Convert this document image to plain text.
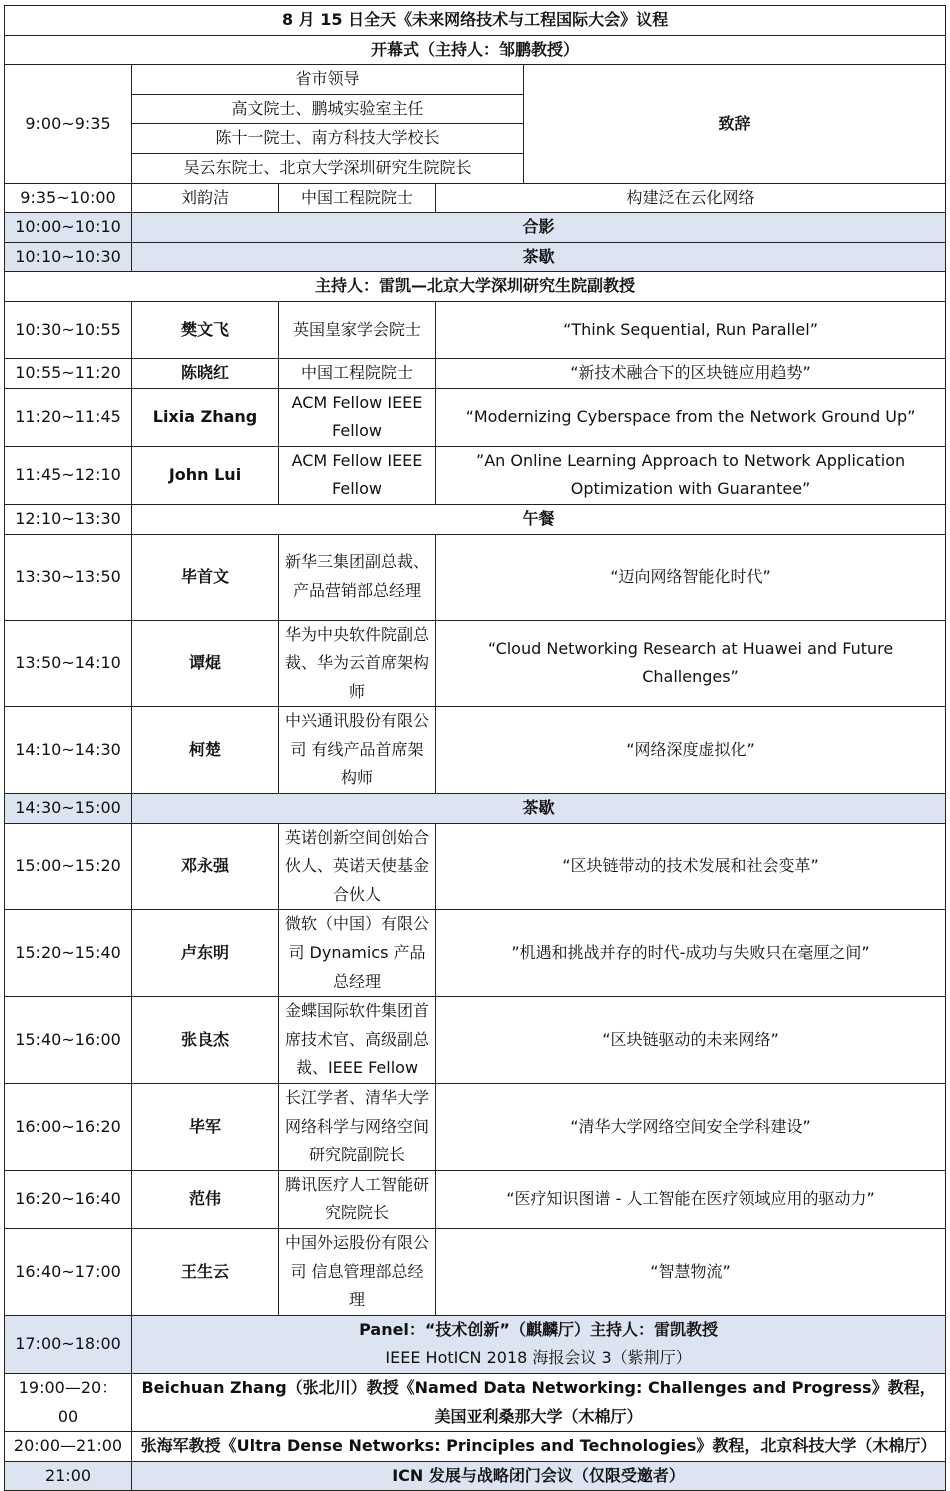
8 月 15 日全天《未来网络技术与工程国际大会》议程				
开幕式（主持人：邹鹏教授）				
9:00~9:35	省市领导			致辞
	高文院士、鹏城实验室主任			
	陈十一院士、南方科技大学校长			
	吴云东院士、北京大学深圳研究生院院长			
9:35~10:00	刘韵洁	中国工程院院士	构建泛在云化网络	
10:00~10:10	合影			
10:10~10:30	茶歇			
主持人：雷凯—北京大学深圳研究生院副教授				
10:30~10:55	樊文飞	英国皇家学会院士	“Think Sequential, Run Parallel”	
10:55~11:20	陈晓红	中国工程院院士	“新技术融合下的区块链应用趋势”	
11:20~11:45	Lixia Zhang	ACM Fellow IEEE Fellow	“Modernizing Cyberspace from the Network Ground Up”	
11:45~12:10	John Lui	ACM Fellow IEEE Fellow	”An Online Learning Approach to Network Application Optimization with Guarantee”	
12:10~13:30	午餐			
13:30~13:50	毕首文	新华三集团副总裁、产品营销部总经理	“迈向网络智能化时代”	
13:50~14:10	谭焜	华为中央软件院副总裁、华为云首席架构师	“Cloud Networking Research at Huawei and Future Challenges”	
14:10~14:30	柯楚	中兴通讯股份有限公司 有线产品首席架构师	“网络深度虚拟化”	
14:30~15:00	茶歇			
15:00~15:20	邓永强	英诺创新空间创始合伙人、英诺天使基金合伙人	“区块链带动的技术发展和社会变革”	
15:20~15:40	卢东明	微软（中国）有限公司 Dynamics 产品总经理	”机遇和挑战并存的时代-成功与失败只在毫厘之间”	
15:40~16:00	张良杰	金蝶国际软件集团首席技术官、高级副总裁、IEEE Fellow	“区块链驱动的未来网络”	
16:00~16:20	毕军	长江学者、清华大学网络科学与网络空间研究院副院长	“清华大学网络空间安全学科建设”	
16:20~16:40	范伟	腾讯医疗人工智能研究院院长	“医疗知识图谱 - 人工智能在医疗领域应用的驱动力”	
16:40~17:00	王生云	中国外运股份有限公司 信息管理部总经理	“智慧物流”	
17:00~18:00	Panel：“技术创新”（麒麟厅）主持人：雷凯教授
IEEE HotICN 2018 海报会议 3（紫荆厅）			

19:00—20：00	Beichuan Zhang（张北川）教授《Named Data Networking: Challenges and Progress》教程，美国亚利桑那大学（木棉厅）			
20:00—21:00	张海军教授《Ultra Dense Networks: Principles and Technologies》教程，北京科技大学（木棉厅）			
21:00	ICN 发展与战略闭门会议（仅限受邀者）			
